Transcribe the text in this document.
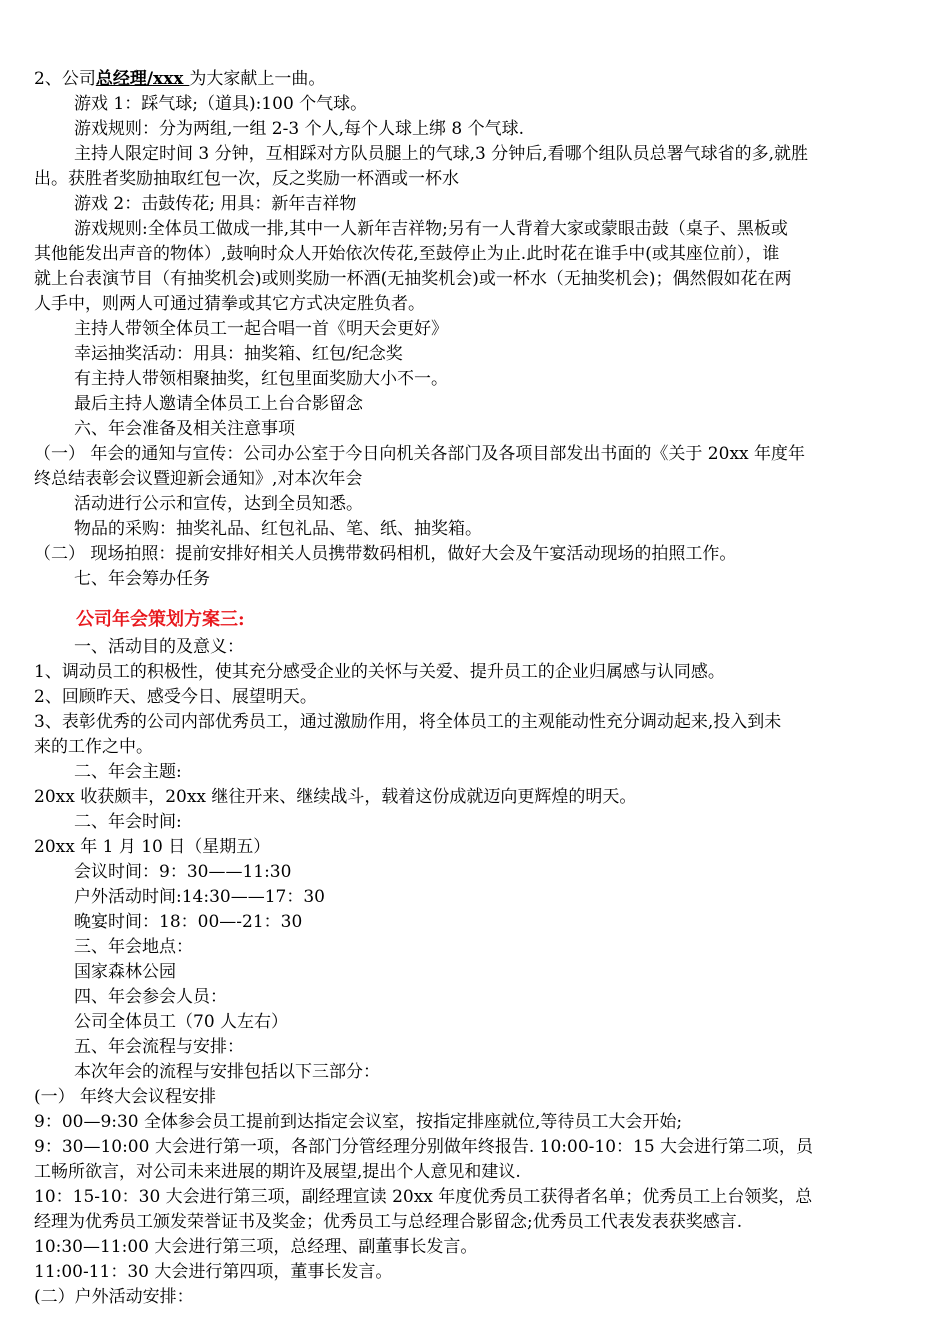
2、公司总经理/xxx 为大家献上一曲。
游戏 1：踩气球;（道具):100 个气球。
游戏规则：分为两组,一组 2-3 个人,每个人球上绑 8 个气球.
主持人限定时间 3 分钟，互相踩对方队员腿上的气球,3 分钟后,看哪个组队员总署气球省的多,就胜
出。获胜者奖励抽取红包一次，反之奖励一杯酒或一杯水
游戏 2：击鼓传花; 用具：新年吉祥物
游戏规则:全体员工做成一排,其中一人新年吉祥物;另有一人背着大家或蒙眼击鼓（桌子、黑板或
其他能发出声音的物体）,鼓响时众人开始依次传花,至鼓停止为止.此时花在谁手中(或其座位前），谁
就上台表演节目（有抽奖机会)或则奖励一杯酒(无抽奖机会)或一杯水（无抽奖机会)；偶然假如花在两
人手中，则两人可通过猜拳或其它方式决定胜负者。
主持人带领全体员工一起合唱一首《明天会更好》
幸运抽奖活动：用具：抽奖箱、红包/纪念奖
有主持人带领相聚抽奖，红包里面奖励大小不一。
最后主持人邀请全体员工上台合影留念
六、年会准备及相关注意事项
（一） 年会的通知与宣传：公司办公室于今日向机关各部门及各项目部发出书面的《关于 20xx 年度年
终总结表彰会议暨迎新会通知》,对本次年会
活动进行公示和宣传，达到全员知悉。
物品的采购：抽奖礼品、红包礼品、笔、纸、抽奖箱。
（二） 现场拍照：提前安排好相关人员携带数码相机，做好大会及午宴活动现场的拍照工作。
七、年会筹办任务
公司年会策划方案三:
一、活动目的及意义：
1、调动员工的积极性，使其充分感受企业的关怀与关爱、提升员工的企业归属感与认同感。
2、回顾昨天、感受今日、展望明天。
3、表彰优秀的公司内部优秀员工，通过激励作用，将全体员工的主观能动性充分调动起来,投入到未
来的工作之中。
二、年会主题:
20xx 收获颇丰，20xx 继往开来、继续战斗，载着这份成就迈向更辉煌的明天。
二、年会时间:
20xx 年 1 月 10 日（星期五）
会议时间：9：30——11:30
户外活动时间:14:30——17：30
晚宴时间：18：00—-21：30
三、年会地点：
国家森林公园
四、年会参会人员：
公司全体员工（70 人左右）
五、年会流程与安排：
本次年会的流程与安排包括以下三部分：
(一） 年终大会议程安排
9：00—9:30 全体参会员工提前到达指定会议室，按指定排座就位,等待员工大会开始;
9：30—10:00 大会进行第一项，各部门分管经理分别做年终报告. 10:00-10：15 大会进行第二项，员
工畅所欲言，对公司未来进展的期许及展望,提出个人意见和建议.
10：15-10：30 大会进行第三项，副经理宣读 20xx 年度优秀员工获得者名单；优秀员工上台领奖，总
经理为优秀员工颁发荣誉证书及奖金；优秀员工与总经理合影留念;优秀员工代表发表获奖感言.
10:30—11:00 大会进行第三项，总经理、副董事长发言。
11:00-11：30 大会进行第四项，董事长发言。
(二）户外活动安排：
